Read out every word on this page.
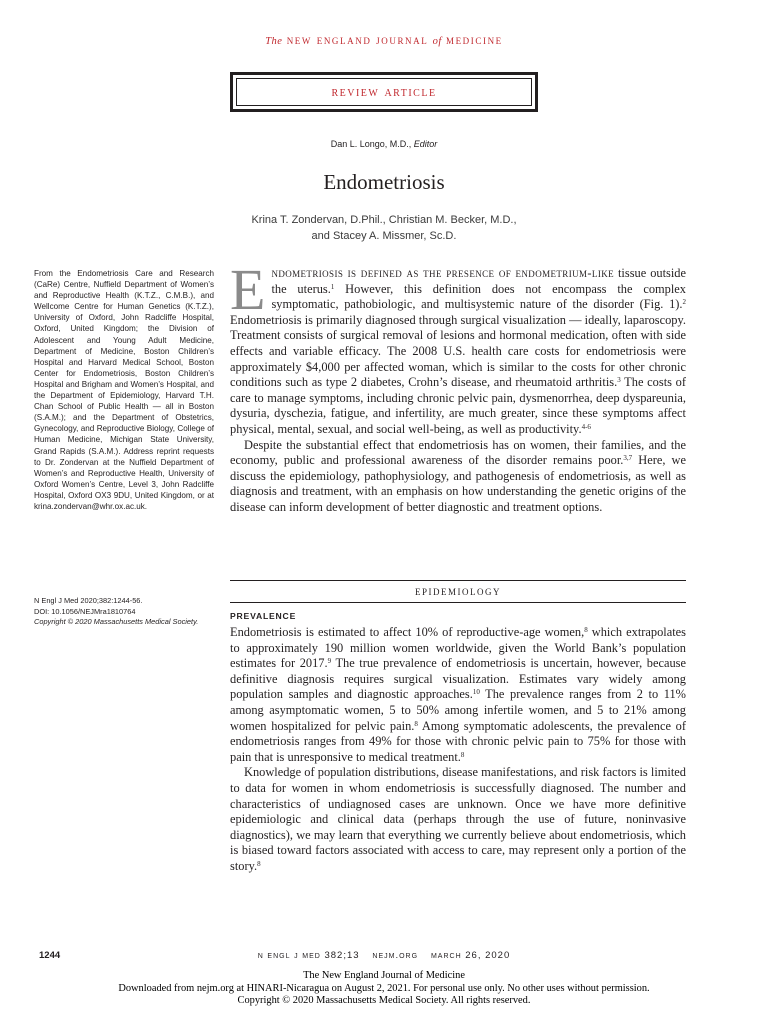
The new england journal of medicine
review article
Dan L. Longo, M.D., Editor
Endometriosis
Krina T. Zondervan, D.Phil., Christian M. Becker, M.D.,
and Stacey A. Missmer, Sc.D.
From the Endometriosis Care and Research (CaRe) Centre, Nuffield Department of Women’s and Reproductive Health (K.T.Z., C.M.B.), and Wellcome Centre for Human Genetics (K.T.Z.), University of Oxford, John Radcliffe Hospital, Oxford, United Kingdom; the Division of Adolescent and Young Adult Medicine, Department of Medicine, Boston Children’s Hospital and Harvard Medical School, Boston Center for Endometriosis, Boston Children’s Hospital and Brigham and Women’s Hospital, and the Department of Epidemiology, Harvard T.H. Chan School of Public Health — all in Boston (S.A.M.); and the Department of Obstetrics, Gynecology, and Reproductive Biology, College of Human Medicine, Michigan State University, Grand Rapids (S.A.M.). Address reprint requests to Dr. Zondervan at the Nuffield Department of Women’s and Reproductive Health, University of Oxford Women’s Centre, Level 3, John Radcliffe Hospital, Oxford OX3 9DU, United Kingdom, or at krina.zondervan@whr.ox.ac.uk.
N Engl J Med 2020;382:1244-56.
DOI: 10.1056/NEJMra1810764
Copyright © 2020 Massachusetts Medical Society.

Endometriosis is defined as the presence of endometrium-like tissue outside the uterus.$^1$ However, this definition does not encompass the complex symptomatic, pathobiologic, and multisystemic nature of the disorder (Fig. 1).$^2$ Endometriosis is primarily diagnosed through surgical visualization — ideally, laparoscopy. Treatment consists of surgical removal of lesions and hormonal medication, often with side effects and variable efficacy. The 2008 U.S. health care costs for endometriosis were approximately $4,000 per affected woman, which is similar to the costs for other chronic conditions such as type 2 diabetes, Crohn’s disease, and rheumatoid arthritis.$^3$ The costs of care to manage symptoms, including chronic pelvic pain, dysmenorrhea, deep dyspareunia, dysuria, dyschezia, fatigue, and infertility, are much greater, since these symptoms affect physical, mental, sexual, and social well-being, as well as productivity.$^{4-6}$

Despite the substantial effect that endometriosis has on women, their families, and the economy, public and professional awareness of the disorder remains poor.$^{3,7}$ Here, we discuss the epidemiology, pathophysiology, and pathogenesis of endometriosis, as well as diagnosis and treatment, with an emphasis on how understanding the genetic origins of the disease can inform development of better diagnostic and treatment options.

epidemiology
PREVALENCE

Endometriosis is estimated to affect 10% of reproductive-age women,$^8$ which extrapolates to approximately 190 million women worldwide, given the World Bank’s population estimates for 2017.$^9$ The true prevalence of endometriosis is uncertain, however, because definitive diagnosis requires surgical visualization. Estimates vary widely among population samples and diagnostic approaches.$^{10}$ The prevalence ranges from 2 to 11% among asymptomatic women, 5 to 50% among infertile women, and 5 to 21% among women hospitalized for pelvic pain.$^8$ Among symptomatic adolescents, the prevalence of endometriosis ranges from 49% for those with chronic pelvic pain to 75% for those with pain that is unresponsive to medical treatment.$^8$

Knowledge of population distributions, disease manifestations, and risk factors is limited to data for women in whom endometriosis is successfully diagnosed. The number and characteristics of undiagnosed cases are unknown. Once we have more definitive epidemiologic and clinical data (perhaps through the use of future, noninvasive diagnostics), we may learn that everything we currently believe about endometriosis, which is biased toward factors associated with access to care, may represent only a portion of the story.$^8$

1244	n engl j med 382;13 nejm.org march 26, 2020
The New England Journal of Medicine
Downloaded from nejm.org at HINARI-Nicaragua on August 2, 2021. For personal use only. No other uses without permission.
Copyright © 2020 Massachusetts Medical Society. All rights reserved.
